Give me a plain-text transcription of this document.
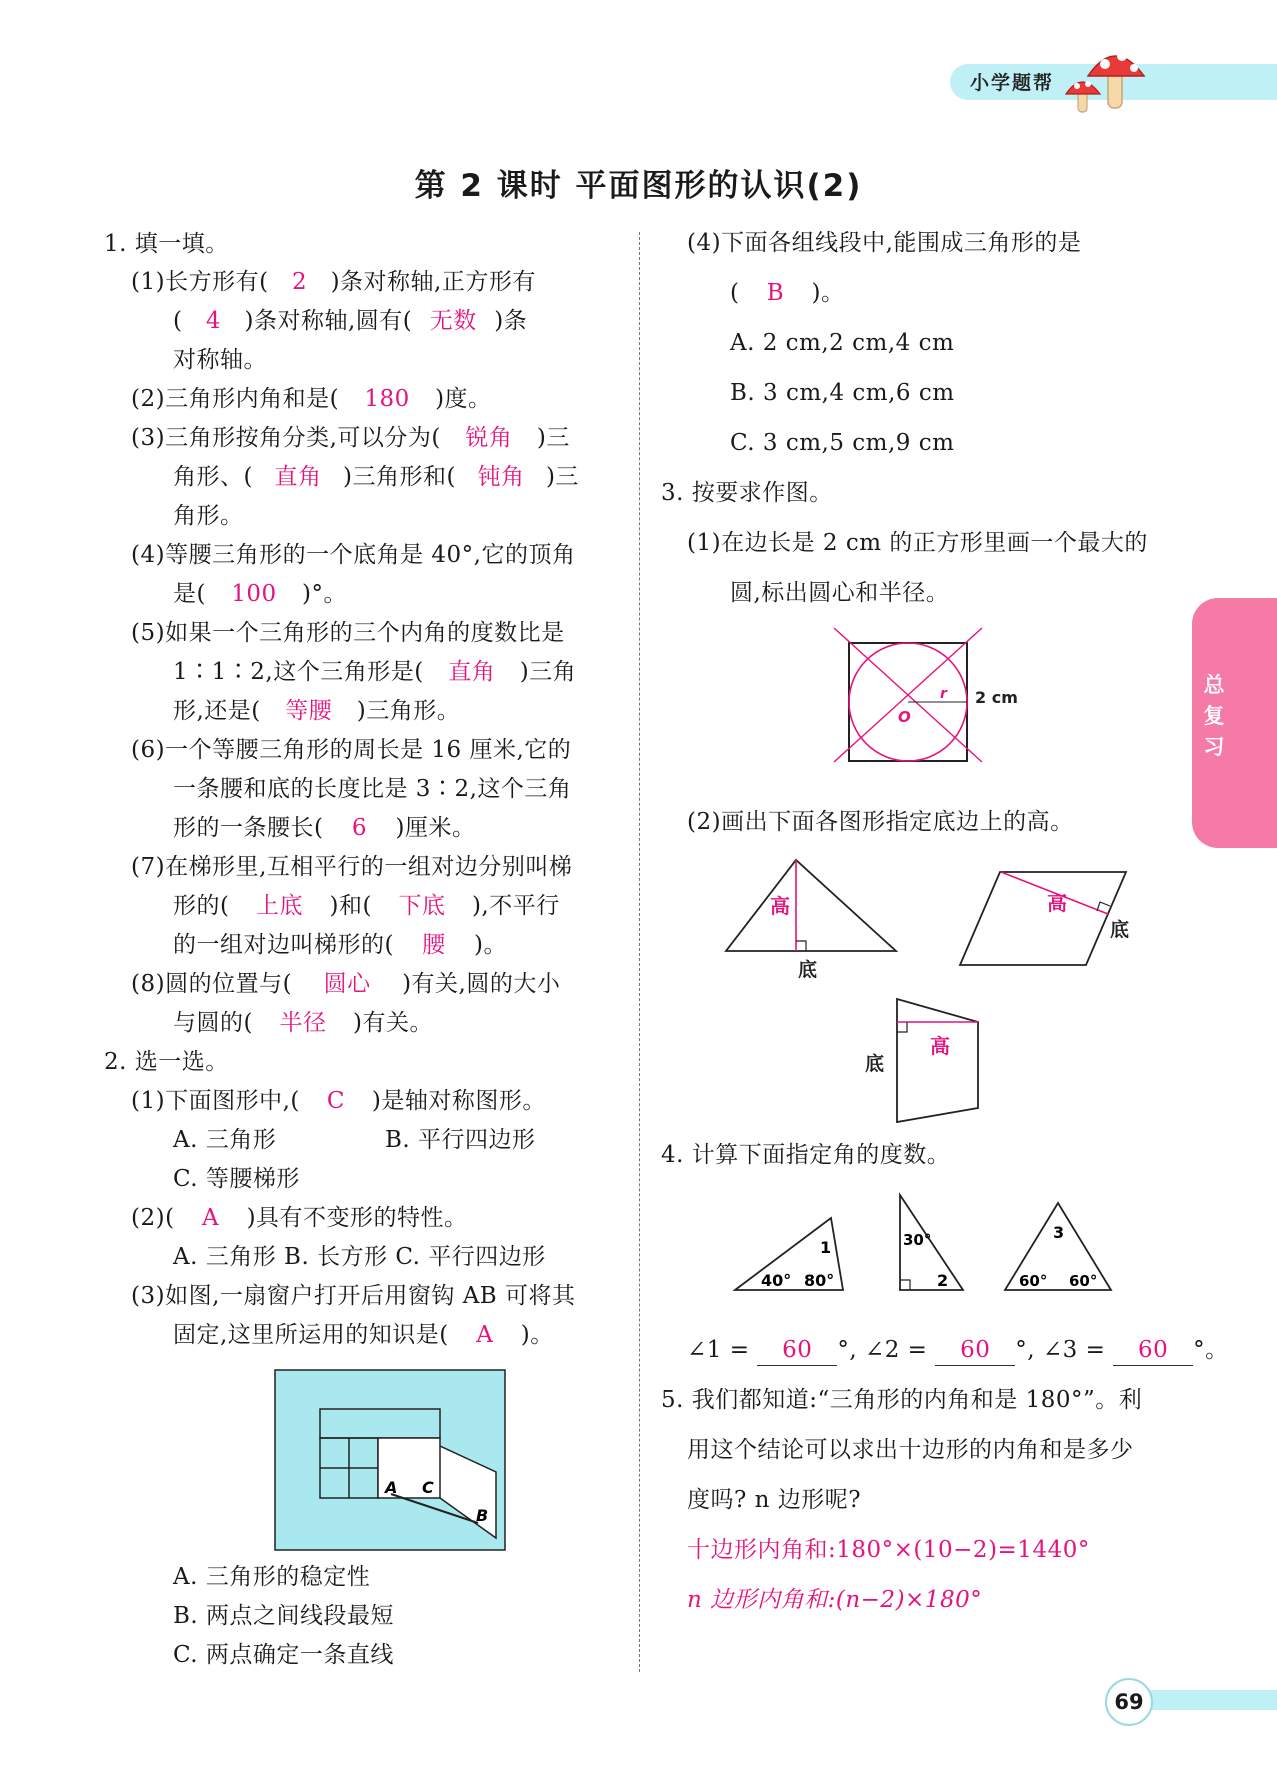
小学题帮
第 2 课时 平面图形的认识(2)
1. 填一填。
(1)长方形有( 2 )条对称轴,正方形有
( 4 )条对称轴,圆有( 无数 )条
对称轴。
(2)三角形内角和是( 180 )度。
(3)三角形按角分类,可以分为( 锐角 )三
角形、( 直角 )三角形和( 钝角 )三
角形。
(4)等腰三角形的一个底角是 40°,它的顶角
是( 100 )°。
(5)如果一个三角形的三个内角的度数比是
1∶1∶2,这个三角形是( 直角 )三角
形,还是( 等腰 )三角形。
(6)一个等腰三角形的周长是 16 厘米,它的
一条腰和底的长度比是 3∶2,这个三角
形的一条腰长( 6 )厘米。
(7)在梯形里,互相平行的一组对边分别叫梯
形的( 上底 )和( 下底 ),不平行
的一组对边叫梯形的( 腰 )。
(8)圆的位置与( 圆心 )有关,圆的大小
与圆的( 半径 )有关。
2. 选一选。
(1)下面图形中,( C )是轴对称图形。
A. 三角形	B. 平行四边形
C. 等腰梯形
(2)( A )具有不变形的特性。
A. 三角形 B. 长方形 C. 平行四边形
(3)如图,一扇窗户打开后用窗钩 AB 可将其
固定,这里所运用的知识是( A )。
A C
B
A. 三角形的稳定性
B. 两点之间线段最短
C. 两点确定一条直线
(4)下面各组线段中,能围成三角形的是
( B )。
A. 2 cm,2 cm,4 cm
B. 3 cm,4 cm,6 cm
C. 3 cm,5 cm,9 cm
3. 按要求作图。
(1)在边长是 2 cm 的正方形里画一个最大的
圆,标出圆心和半径。
r
O
2 cm
(2)画出下面各图形指定底边上的高。
高
底
高
底
高
底
4. 计算下面指定角的度数。
1
40° 80°
30°
2
3
60° 60°
∠1 = 60 °, ∠2 = 60 °, ∠3 = 60 °。
5. 我们都知道:“三角形的内角和是 180°”。利
用这个结论可以求出十边形的内角和是多少
度吗? n 边形呢?
十边形内角和:180°×(10−2)=1440°
n 边形内角和:(n−2)×180°
总复习
69
